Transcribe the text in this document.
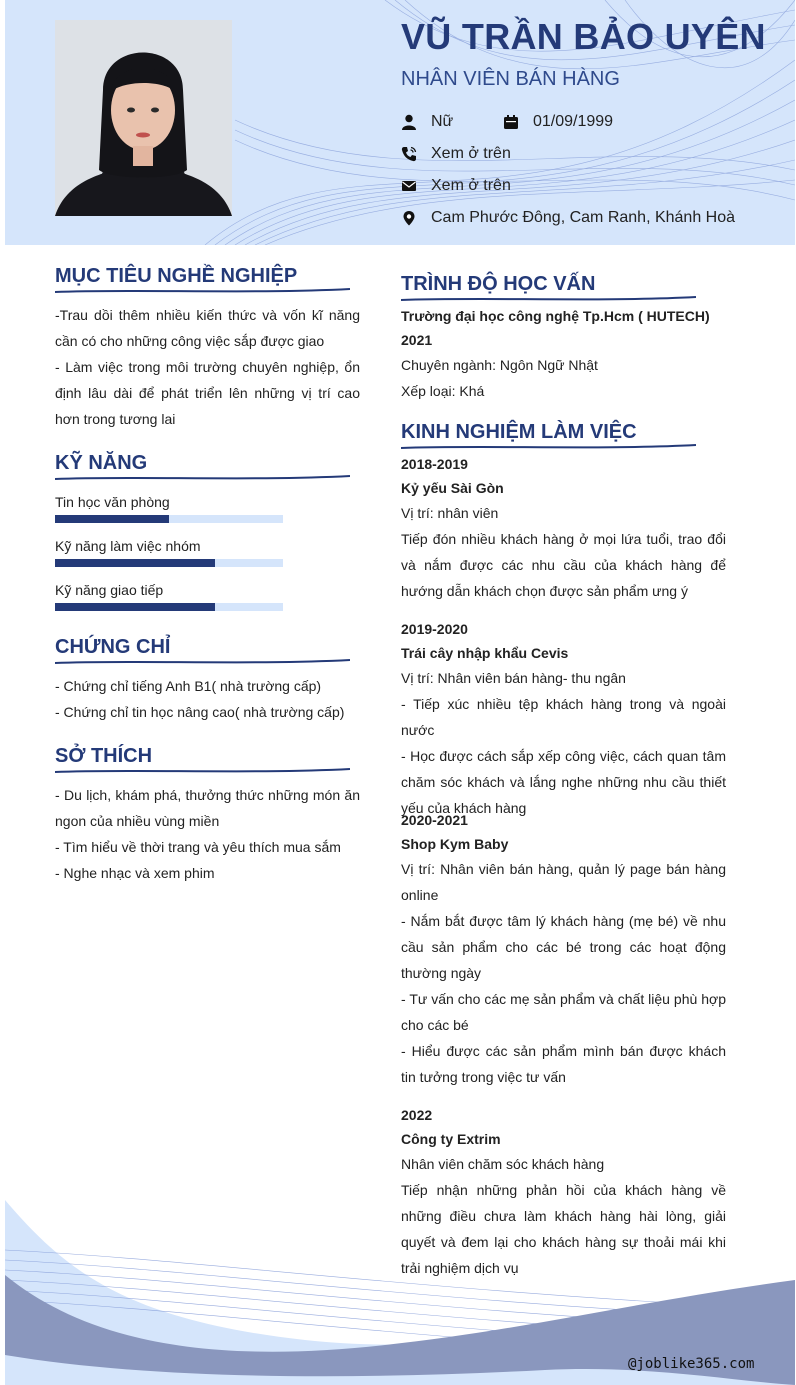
VŨ TRẦN BẢO UYÊN
NHÂN VIÊN BÁN HÀNG
Nữ	01/09/1999
Xem ở trên
Xem ở trên
Cam Phước Đông, Cam Ranh, Khánh Hoà
MỤC TIÊU NGHỀ NGHIỆP
-Trau dồi thêm nhiều kiến thức và vốn kĩ năng cần có cho những công việc sắp được giao
- Làm việc trong môi trường chuyên nghiệp, ổn định lâu dài để phát triển lên những vị trí cao hơn trong tương lai
KỸ NĂNG
Tin học văn phòng
Kỹ năng làm việc nhóm
Kỹ năng giao tiếp
CHỨNG CHỈ
- Chứng chỉ tiếng Anh B1( nhà trường cấp)
- Chứng chỉ tin học nâng cao( nhà trường cấp)
SỞ THÍCH
- Du lịch, khám phá, thưởng thức những món ăn ngon của nhiều vùng miền
- Tìm hiểu về thời trang và yêu thích mua sắm
- Nghe nhạc và xem phim
TRÌNH ĐỘ HỌC VẤN
Trường đại học công nghệ Tp.Hcm ( HUTECH)
2021
Chuyên ngành: Ngôn Ngữ Nhật
Xếp loại: Khá
KINH NGHIỆM LÀM VIỆC
2018-2019
Kỷ yếu Sài Gòn
Vị trí: nhân viên
Tiếp đón nhiều khách hàng ở mọi lứa tuổi, trao đổi và nắm được các nhu cầu của khách hàng để hướng dẫn khách chọn được sản phẩm ưng ý
2019-2020
Trái cây nhập khẩu Cevis
Vị trí: Nhân viên bán hàng- thu ngân
- Tiếp xúc nhiều tệp khách hàng trong và ngoài nước
- Học được cách sắp xếp công việc, cách quan tâm chăm sóc khách và lắng nghe những nhu cầu thiết yếu của khách hàng
2020-2021
Shop Kym Baby
Vị trí: Nhân viên bán hàng, quản lý page bán hàng online
- Nắm bắt được tâm lý khách hàng (mẹ bé) về nhu cầu sản phẩm cho các bé trong các hoạt động thường ngày
- Tư vấn cho các mẹ sản phẩm và chất liệu phù hợp cho các bé
- Hiểu được các sản phẩm mình bán được khách tin tưởng trong việc tư vấn
2022
Công ty Extrim
Nhân viên chăm sóc khách hàng
Tiếp nhận những phản hồi của khách hàng về những điều chưa làm khách hàng hài lòng, giải quyết và đem lại cho khách hàng sự thoải mái khi trải nghiệm dịch vụ
@joblike365.com
